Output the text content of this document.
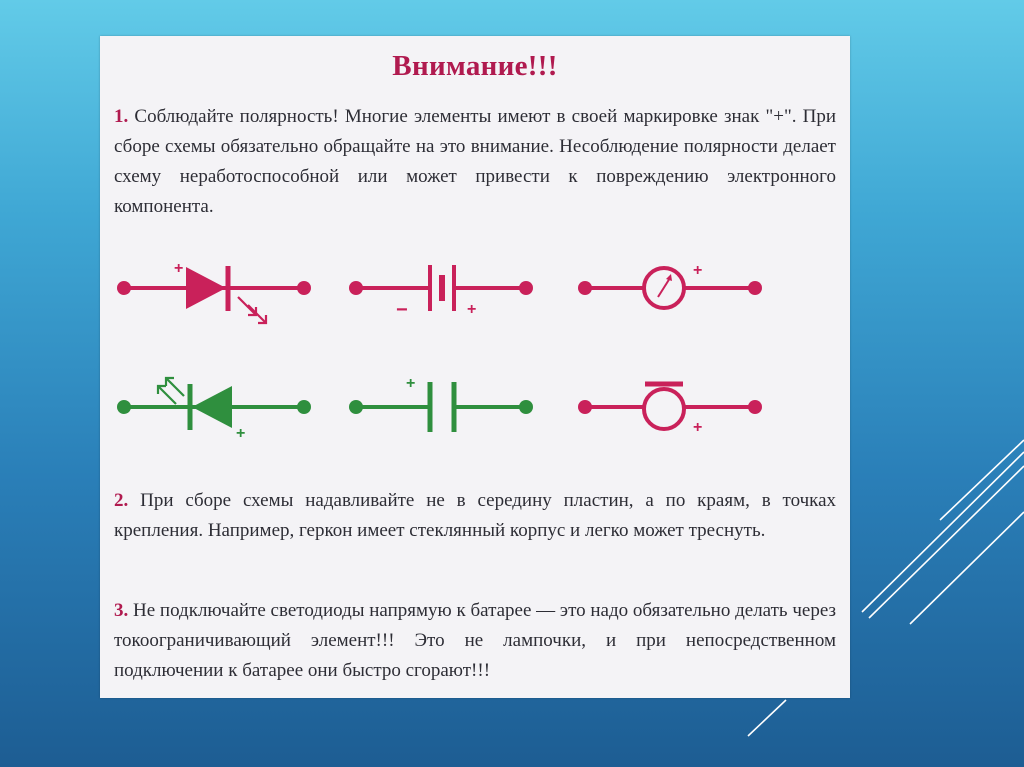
Внимание!!!
1. Соблюдайте полярность! Многие элементы имеют в своей маркировке знак "+". При сборе схемы обязательно обращайте на это внимание. Несоблюдение полярности делает схему неработоспособной или может привести к повреждению электронного компонента.
+
−	+
+
+
+
+
2. При сборе схемы надавливайте не в середину пластин, а по краям, в точках крепления. Например, геркон имеет стеклянный корпус и легко может треснуть.
3. Не подключайте светодиоды напрямую к батарее — это надо обязательно делать через токоограничивающий элемент!!! Это не лампочки, и при непосредственном подключении к батарее они быстро сгорают!!!
